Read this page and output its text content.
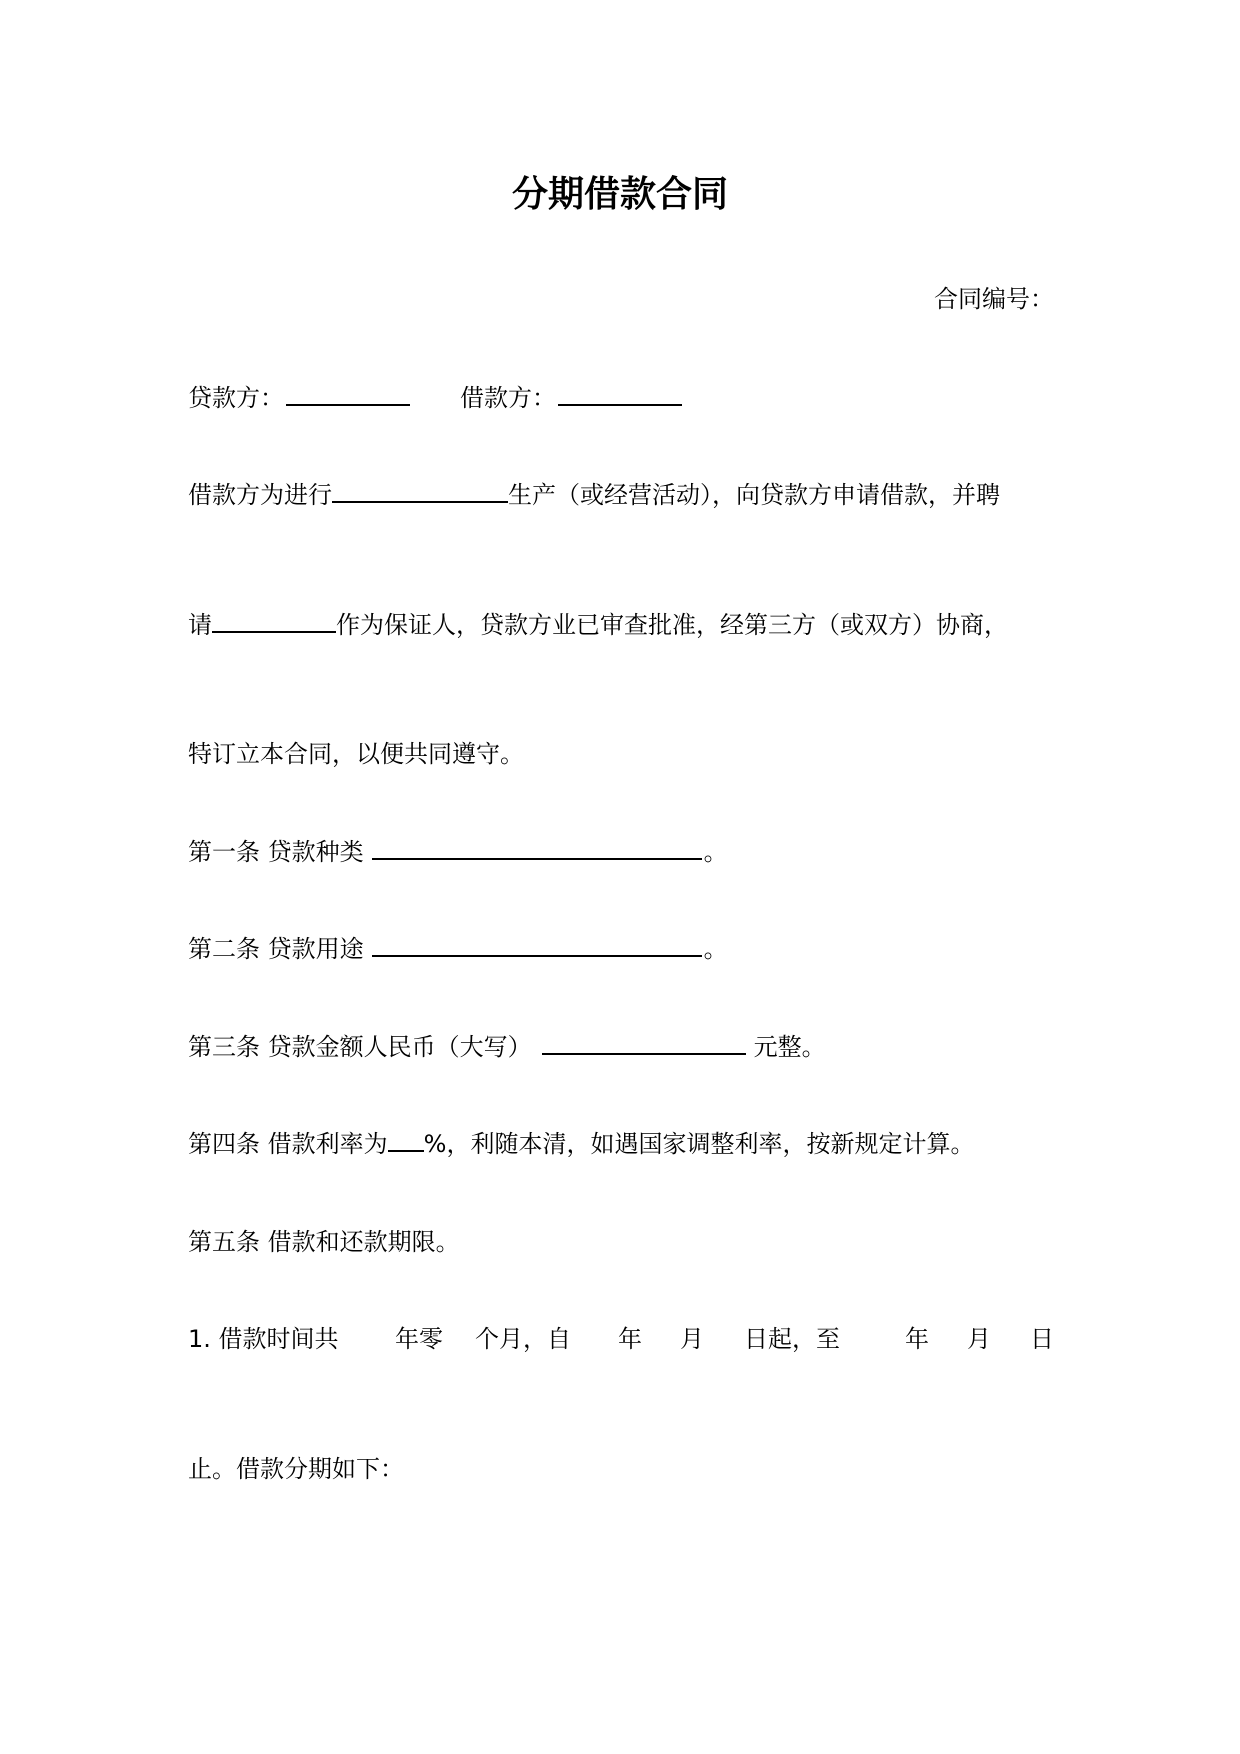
分期借款合同
合同编号：
贷款方：	借款方：
借款方为进行	生产（或经营活动），向贷款方申请借款，并聘
请	作为保证人，贷款方业已审查批准，经第三方（或双方）协商，
特订立本合同，以便共同遵守。
第一条 贷款种类	。
第二条 贷款用途	。
第三条 贷款金额人民币（大写）	元整。
第四条 借款利率为 %，利随本清，如遇国家调整利率，按新规定计算。
第五条 借款和还款期限。
1. 借款时间共 年零 个月，自 年 月 日起，至	年 月 日
止。借款分期如下：
